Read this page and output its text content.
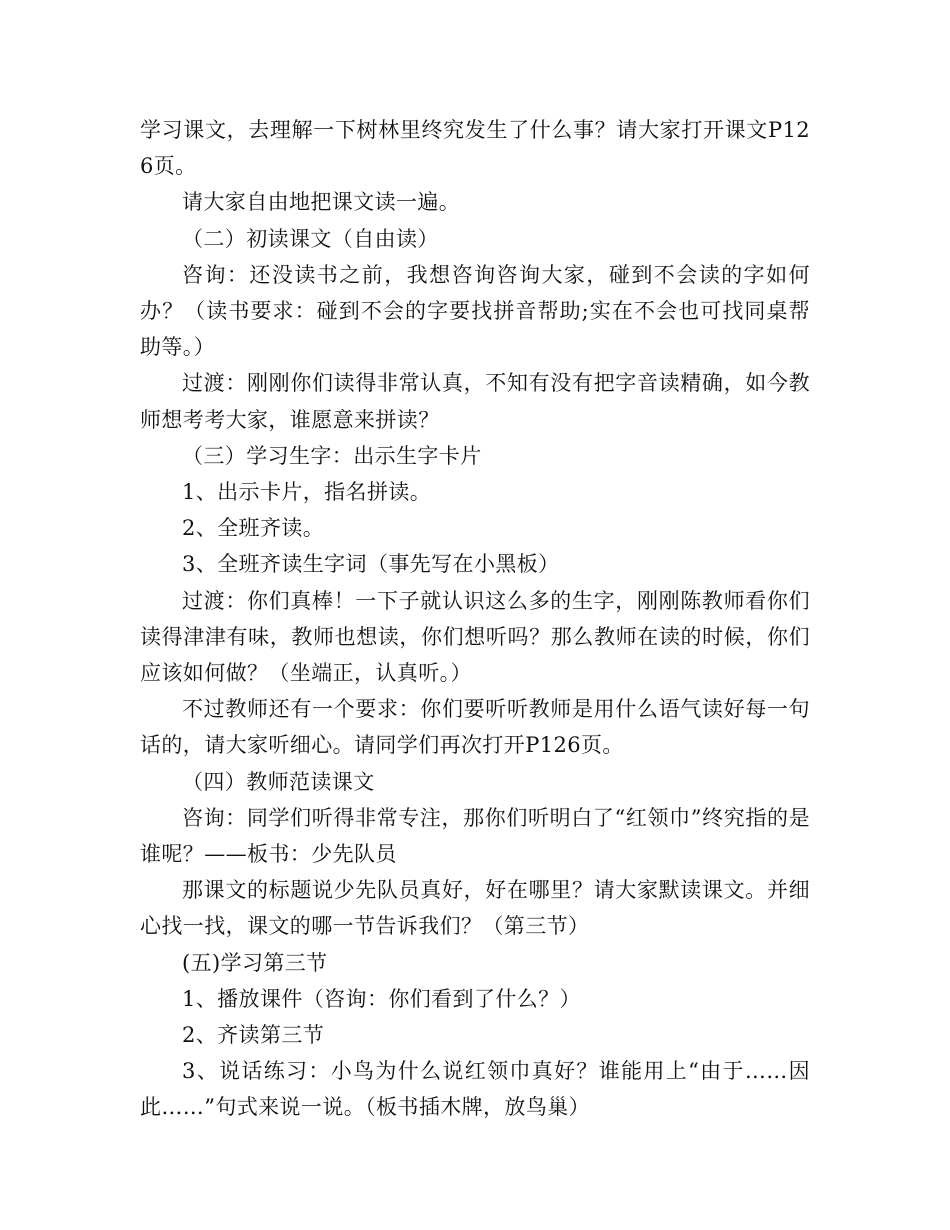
学习课文，去理解一下树林里终究发生了什么事？请大家打开课文P126页。

请大家自由地把课文读一遍。

（二）初读课文（自由读）

咨询：还没读书之前，我想咨询咨询大家，碰到不会读的字如何办？（读书要求：碰到不会的字要找拼音帮助;实在不会也可找同桌帮助等。）

过渡：刚刚你们读得非常认真，不知有没有把字音读精确，如今教师想考考大家，谁愿意来拼读？

（三）学习生字：出示生字卡片

1、出示卡片，指名拼读。

2、全班齐读。

3、全班齐读生字词（事先写在小黑板）

过渡：你们真棒！一下子就认识这么多的生字，刚刚陈教师看你们读得津津有味，教师也想读，你们想听吗？那么教师在读的时候，你们应该如何做？（坐端正，认真听。）

不过教师还有一个要求：你们要听听教师是用什么语气读好每一句话的，请大家听细心。请同学们再次打开P126页。

（四）教师范读课文

咨询：同学们听得非常专注，那你们听明白了“红领巾”终究指的是谁呢？——板书：少先队员

那课文的标题说少先队员真好，好在哪里？请大家默读课文。并细心找一找，课文的哪一节告诉我们？（第三节）

(五)学习第三节

1、播放课件（咨询：你们看到了什么？）

2、齐读第三节

3、说话练习：小鸟为什么说红领巾真好？谁能用上“由于……因此……”句式来说一说。（板书插木牌，放鸟巢）
